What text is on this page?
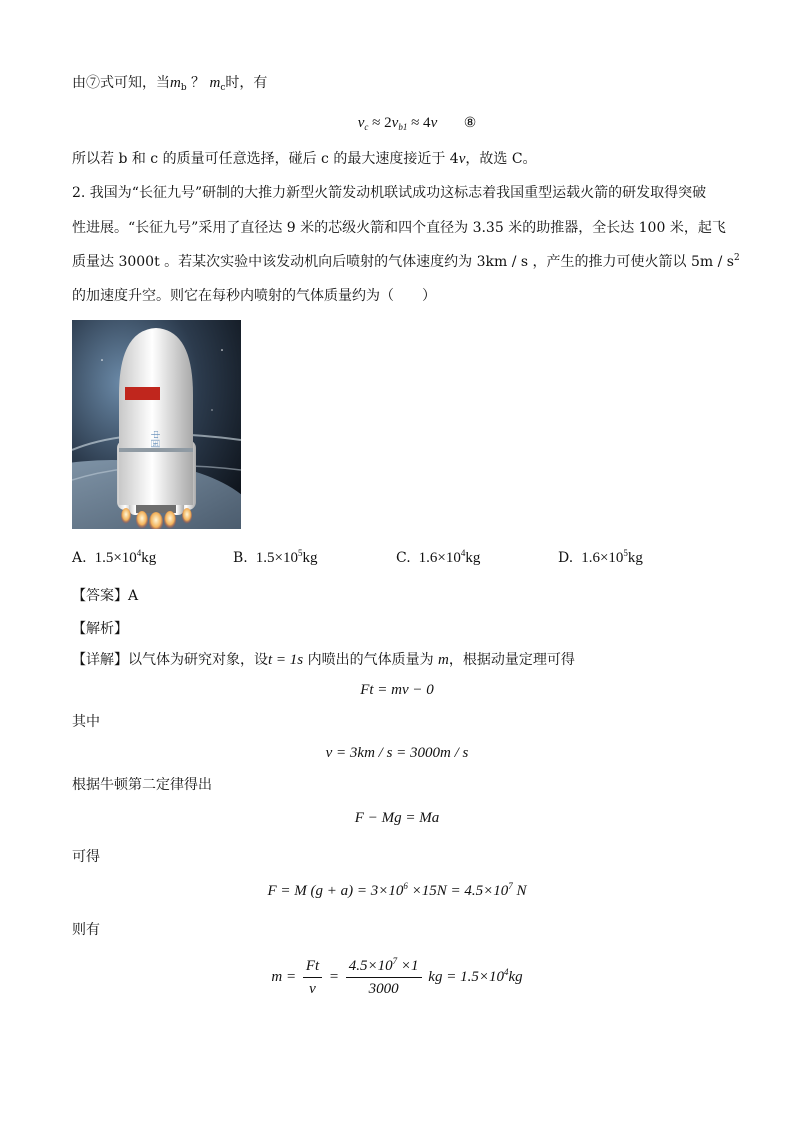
由⑦式可知，当$m_b$ ？ $m_c$时，有
$v_c \approx 2v_{b1} \approx 4v$ ⑧
所以若 b 和 c 的质量可任意选择，碰后 c 的最大速度接近于 4v，故选 C。
2. 我国为“长征九号”研制的大推力新型火箭发动机联试成功这标志着我国重型运载火箭的研发取得突破
性进展。“长征九号”采用了直径达 9 米的芯级火箭和四个直径为 3.35 米的助推器，全长达 100 米，起飞
质量达 3000t 。若某次实验中该发动机向后喷射的气体速度约为 3km / s ，产生的推力可使火箭以 $5m / s^2$
的加速度升空。则它在每秒内喷射的气体质量约为（　　）
中国
A. $1.5\times 10^4kg$	B. $1.5\times 10^5kg$	C. $1.6\times 10^4kg$	D. $1.6\times 10^5kg$
【答案】A
【解析】
【详解】以气体为研究对象，设t = 1s 内喷出的气体质量为 m，根据动量定理可得
Ft = mv − 0
其中
v = 3km / s = 3000m / s
根据牛顿第二定律得出
F − Mg = Ma
可得
F = M $(g + a) = 3\times 10^6 \times 15N = 4.5\times 10^7$ N
则有
$m = \frac{Ft}{v} = \frac{4.5\times 10^7 \times 1}{3000}$ kg = $1.5\times 10^4kg$
